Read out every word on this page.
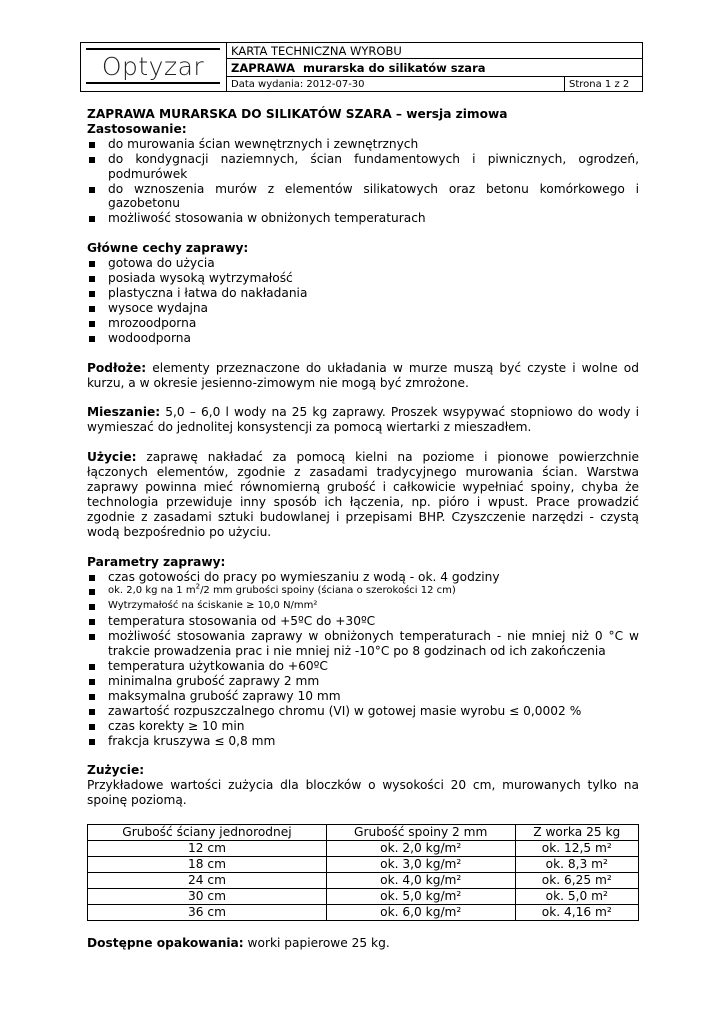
Optyzar
KARTA TECHNICZNA WYROBU
ZAPRAWA
murarska do silikatów szara
Data wydania: 2012-07-30	Strona 1 z 2

ZAPRAWA MURARSKA DO SILIKATÓW SZARA – wersja zimowa

Zastosowanie:

do murowania ścian wewnętrznych i zewnętrznych
do kondygnacji naziemnych, ścian fundamentowych i piwnicznych, ogrodzeń, podmurówek
do wznoszenia murów z elementów silikatowych oraz betonu komórkowego i gazobetonu
możliwość stosowania w obniżonych temperaturach

Główne cechy zaprawy:

gotowa do użycia
posiada wysoką wytrzymałość
plastyczna i łatwa do nakładania
wysoce wydajna
mrozoodporna
wodoodporna

Podłoże: elementy przeznaczone do układania w murze muszą być czyste i wolne od kurzu, a w okresie jesienno-zimowym nie mogą być zmrożone.

Mieszanie: 5,0 – 6,0 l wody na 25 kg zaprawy. Proszek wsypywać stopniowo do wody i wymieszać do jednolitej konsystencji za pomocą wiertarki z mieszadłem.

Użycie: zaprawę nakładać za pomocą kielni na poziome i pionowe powierzchnie łączonych elementów, zgodnie z zasadami tradycyjnego murowania ścian. Warstwa zaprawy powinna mieć równomierną grubość i całkowicie wypełniać spoiny, chyba że technologia przewiduje inny sposób ich łączenia, np. pióro i wpust. Prace prowadzić zgodnie z zasadami sztuki budowlanej i przepisami BHP. Czyszczenie narzędzi - czystą wodą bezpośrednio po użyciu.

Parametry zaprawy:

czas gotowości do pracy po wymieszaniu z wodą - ok. 4 godziny
ok. 2,0 kg na 1 $m^2/2$ mm grubości spoiny (ściana o szerokości 12 cm)
Wytrzymałość na ściskanie ≥ 10,0 N/mm²
temperatura stosowania od +5ºC do +30ºC
możliwość stosowania zaprawy w obniżonych temperaturach - nie mniej niż 0 °C w trakcie prowadzenia prac i nie mniej niż -10°C po 8 godzinach od ich zakończenia
temperatura użytkowania do +60ºC
minimalna grubość zaprawy 2 mm
maksymalna grubość zaprawy 10 mm
zawartość rozpuszczalnego chromu (VI) w gotowej masie wyrobu ≤ 0,0002 %
czas korekty ≥ 10 min
frakcja kruszywa ≤ 0,8 mm

Zużycie:

Przykładowe wartości zużycia dla bloczków o wysokości 20 cm, murowanych tylko na spoinę poziomą.

Grubość ściany jednorodnej	Grubość spoiny 2 mm	Z worka 25 kg
12 cm	ok. 2,0 kg/m²	ok. 12,5 m²
18 cm	ok. 3,0 kg/m²	ok. 8,3 m²
24 cm	ok. 4,0 kg/m²	ok. 6,25 m²
30 cm	ok. 5,0 kg/m²	ok. 5,0 m²
36 cm	ok. 6,0 kg/m²	ok. 4,16 m²

Dostępne opakowania: worki papierowe 25 kg.
